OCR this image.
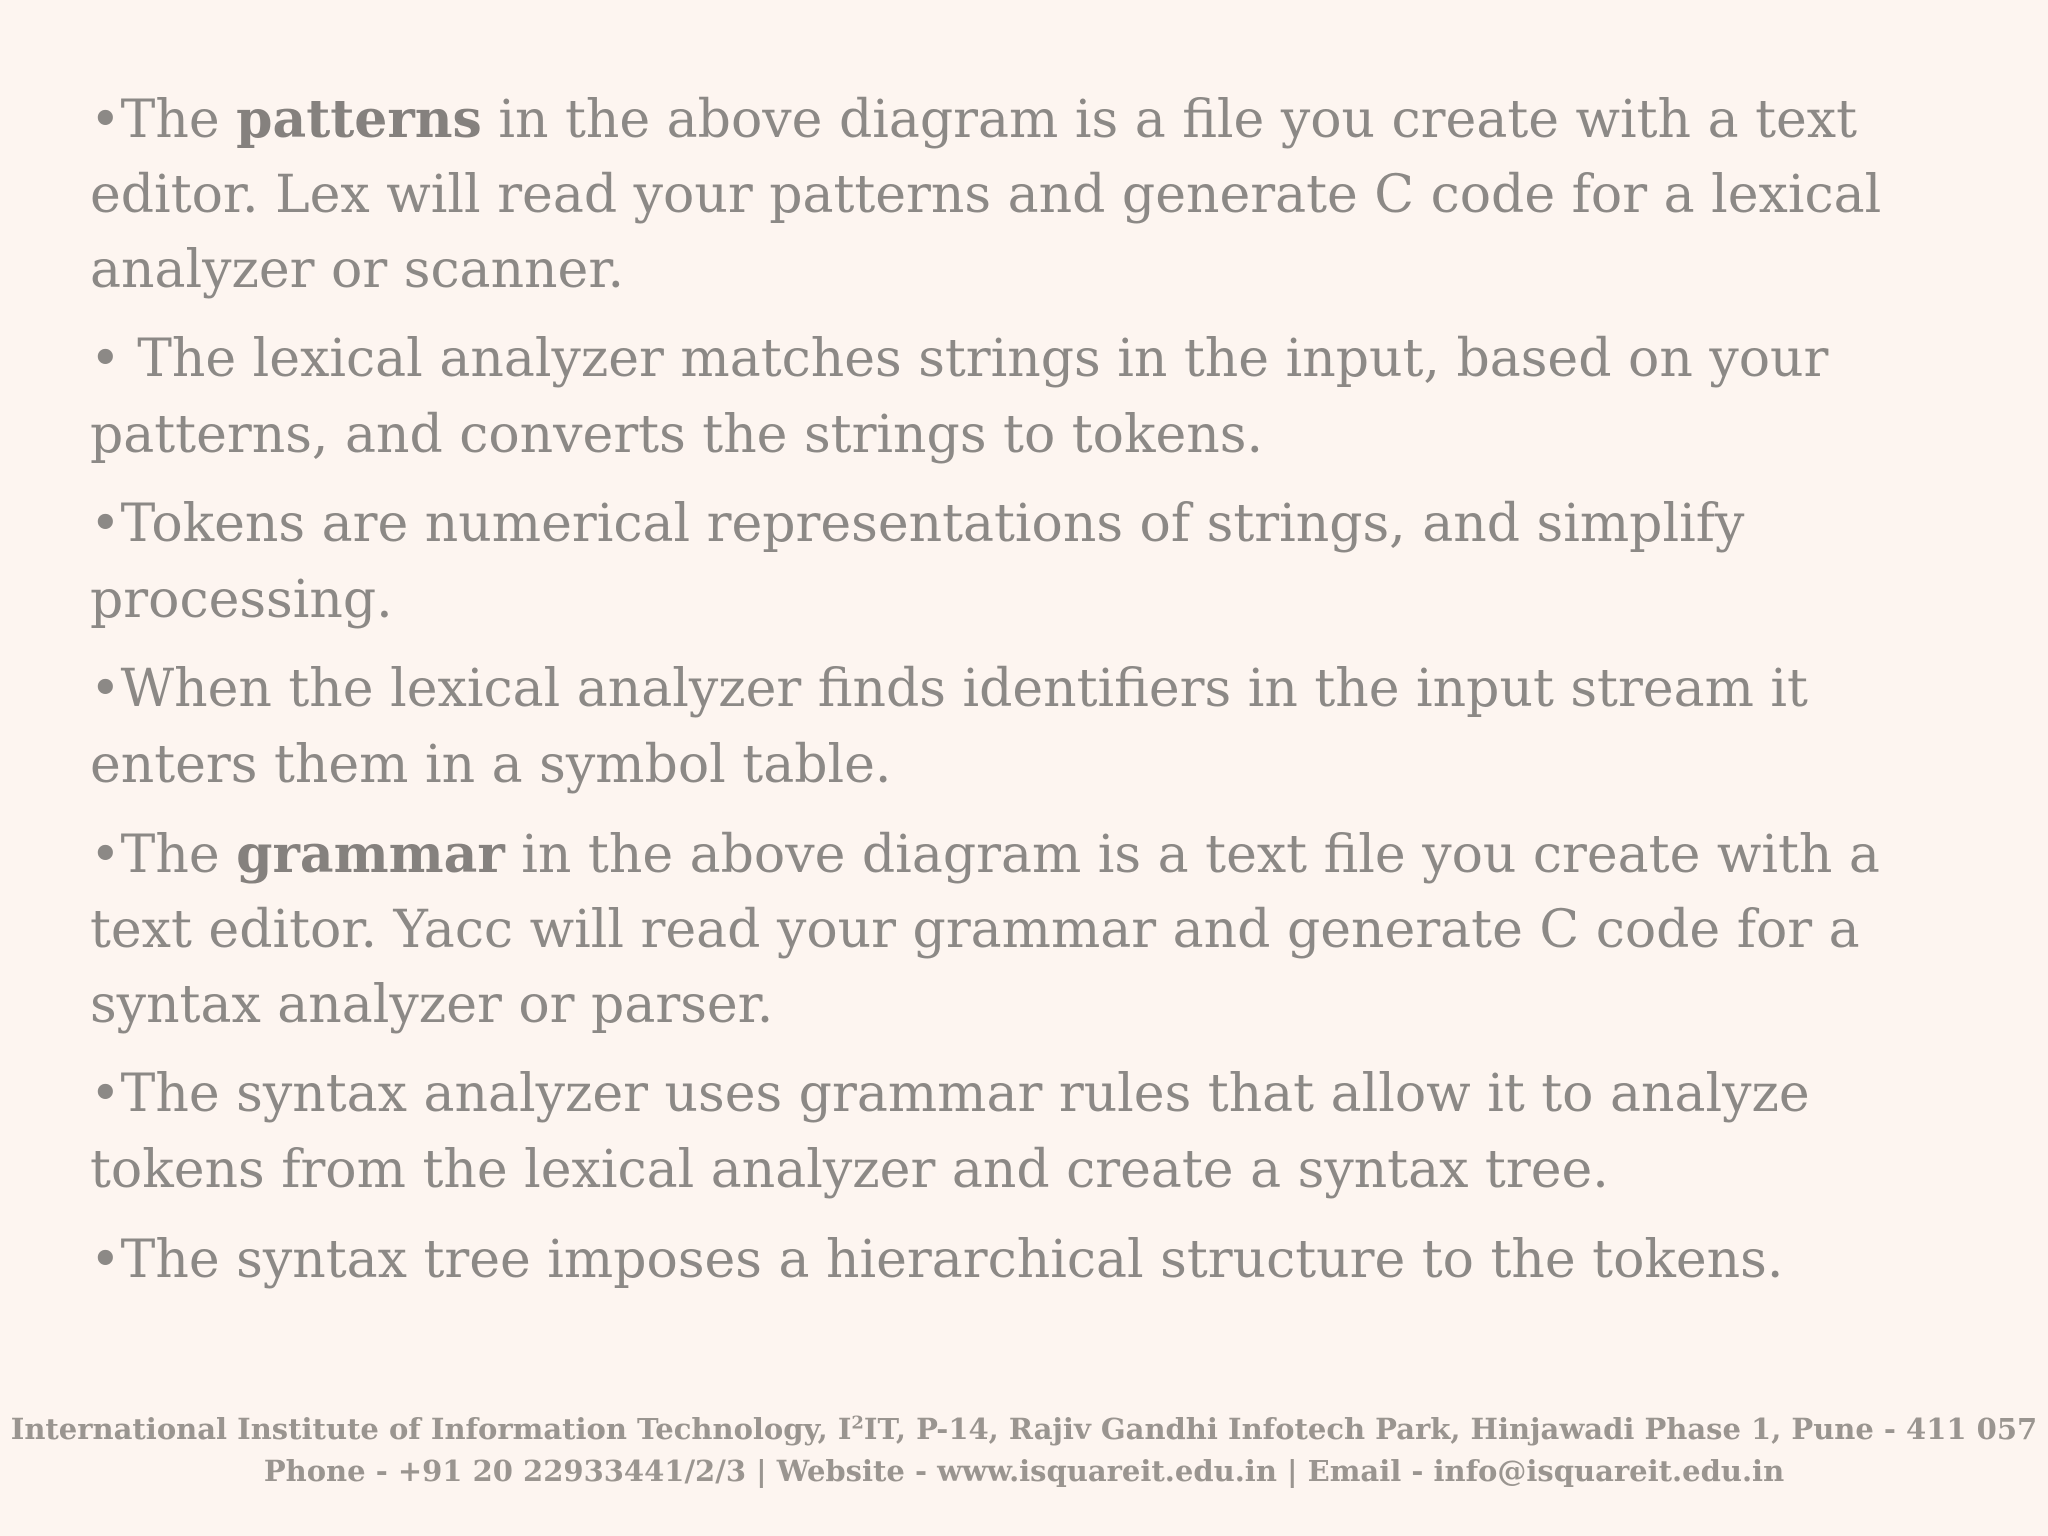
•The patterns in the above diagram is a file you create with a text editor. Lex will read your patterns and generate C code for a lexical analyzer or scanner.
• The lexical analyzer matches strings in the input, based on your patterns, and converts the strings to tokens.
•Tokens are numerical representations of strings, and simplify processing.
•When the lexical analyzer finds identifiers in the input stream it enters them in a symbol table.
•The grammar in the above diagram is a text file you create with a text editor. Yacc will read your grammar and generate C code for a syntax analyzer or parser.
•The syntax analyzer uses grammar rules that allow it to analyze tokens from the lexical analyzer and create a syntax tree.
•The syntax tree imposes a hierarchical structure to the tokens.
International Institute of Information Technology, $I^2IT$, P-14, Rajiv Gandhi Infotech Park, Hinjawadi Phase 1, Pune - 411 057
Phone - +91 20 22933441/2/3 | Website - www.isquareit.edu.in | Email - info@isquareit.edu.in
